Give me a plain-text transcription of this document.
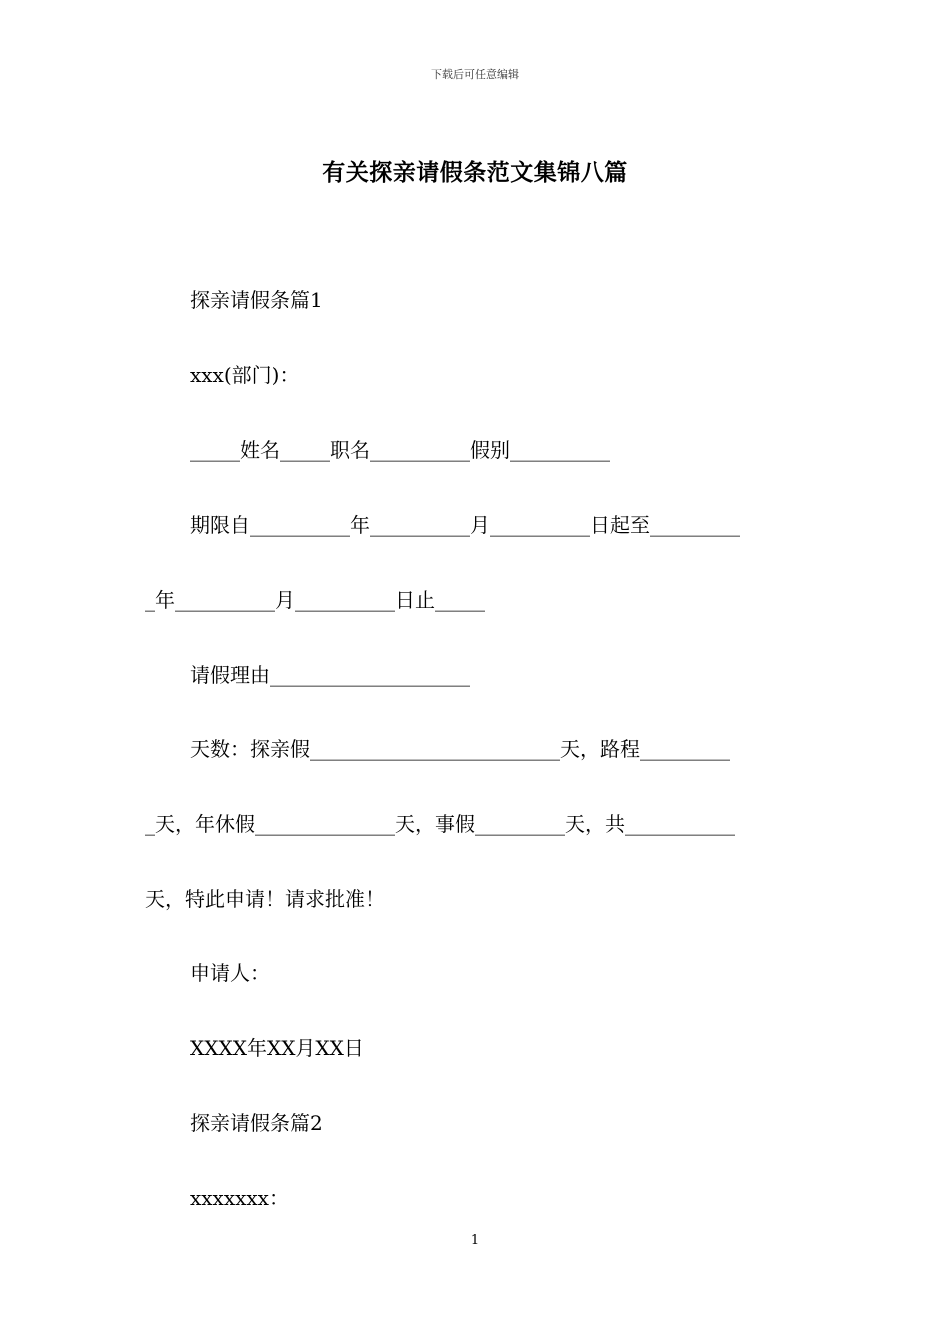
下载后可任意编辑
有关探亲请假条范文集锦八篇
探亲请假条篇1
xxx(部门)：
_____姓名_____职名__________假别__________
期限自__________年__________月__________日起至_________
_年__________月__________日止_____
请假理由____________________
天数：探亲假_________________________天，路程_________
_天，年休假______________天，事假_________天，共___________
天，特此申请！请求批准！
申请人：
XXXX年XX月XX日
探亲请假条篇2
xxxxxxx：
1
